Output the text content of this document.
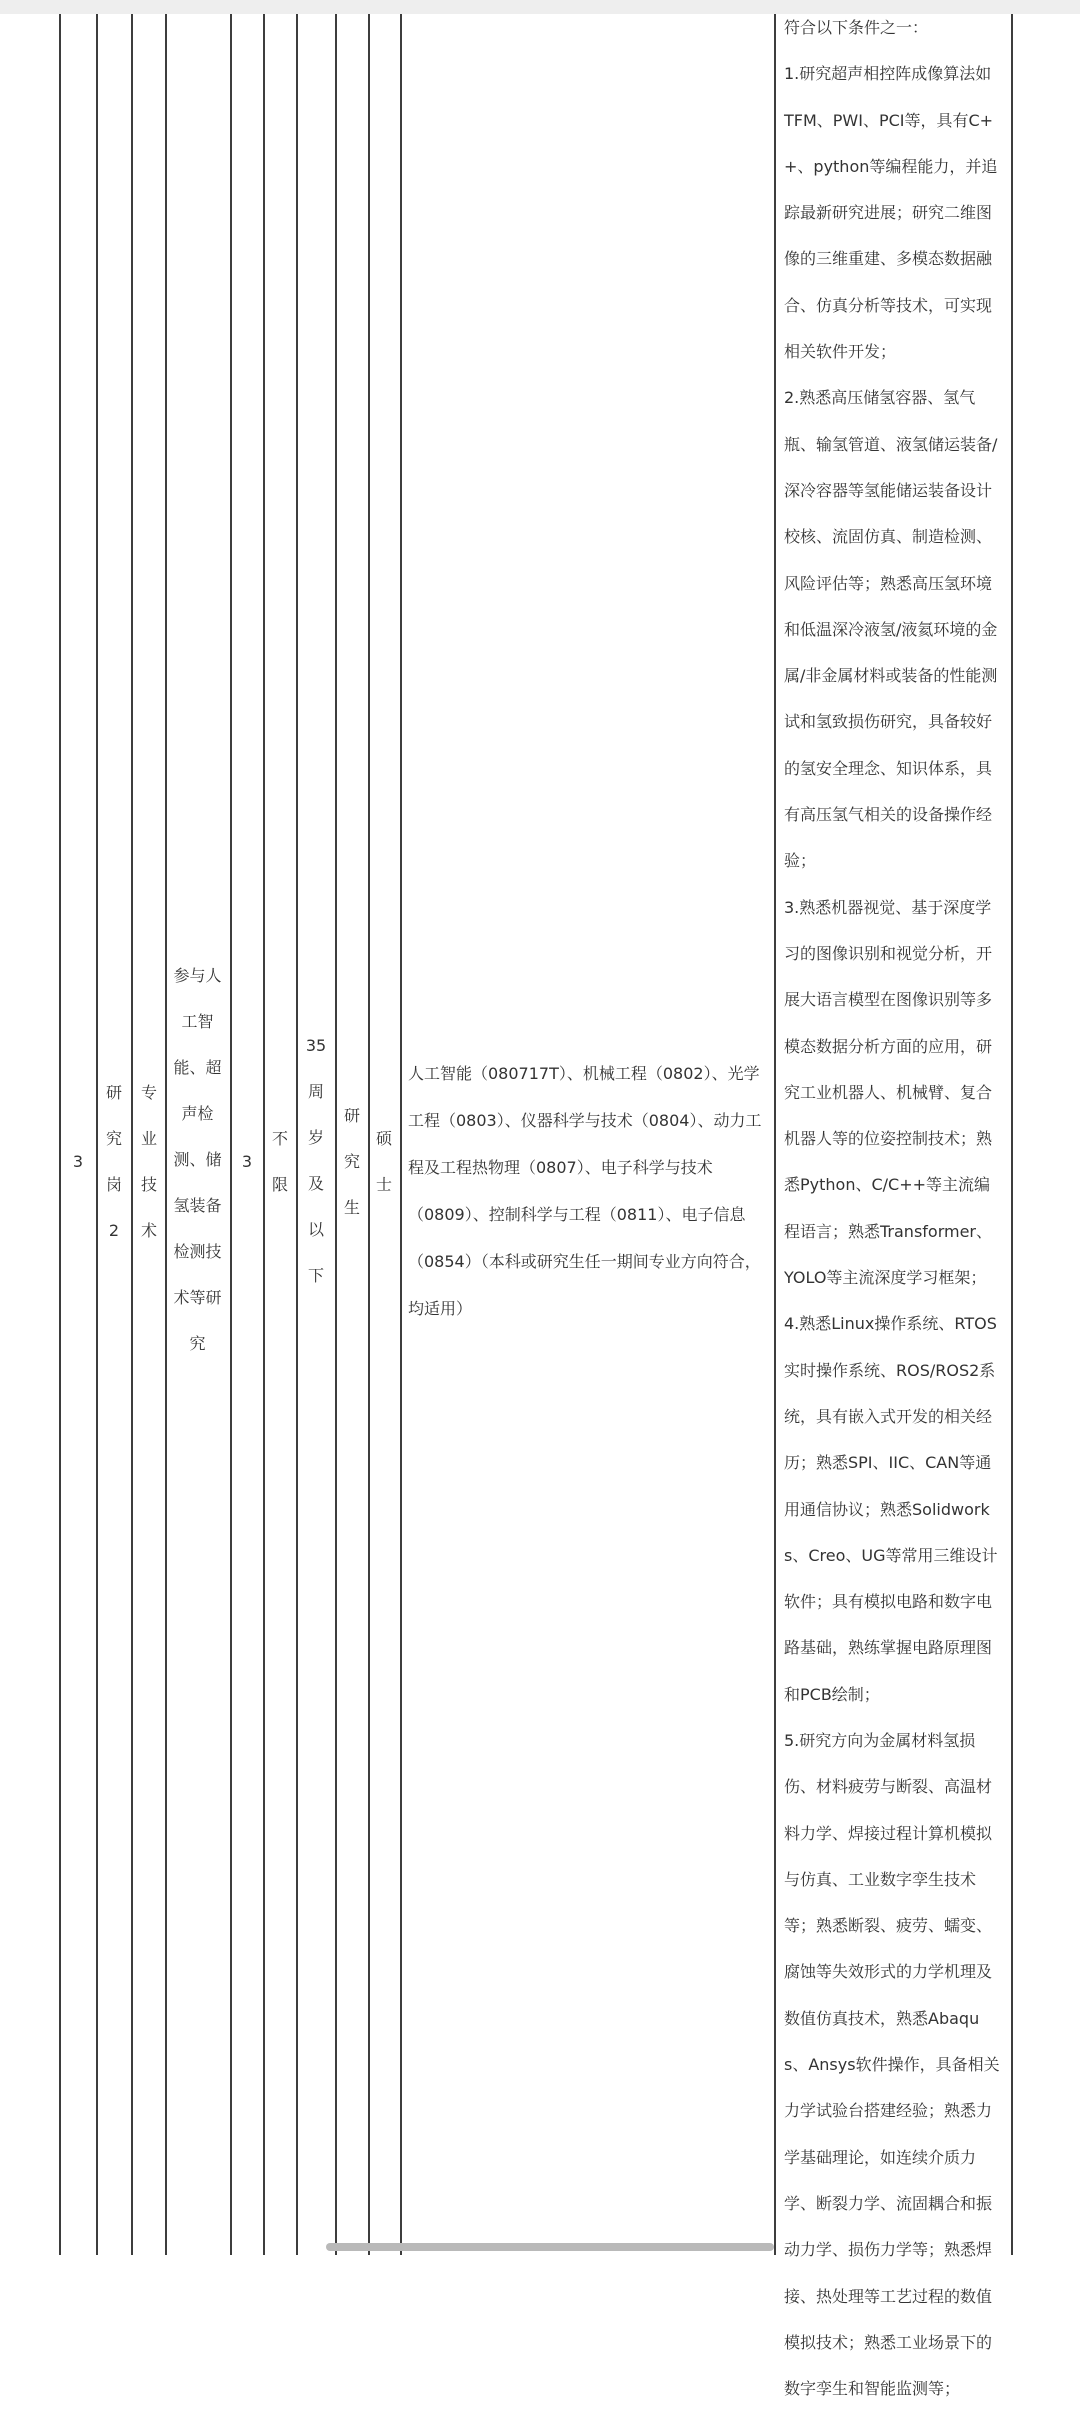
3
研究岗2
专业技术
参与人工智能、超声检测、储氢装备检测技术等研究
3
不限
35周岁及以下
研究生
硕士
人工智能（080717T）、机械工程（0802）、光学工程（0803）、仪器科学与技术（0804）、动力工程及工程热物理（0807）、电子科学与技术（0809）、控制科学与工程（0811）、电子信息（0854）（本科或研究生任一期间专业方向符合，均适用）

符合以下条件之一：

1.研究超声相控阵成像算法如TFM、PWI、PCI等，具有C++、python等编程能力，并追踪最新研究进展；研究二维图像的三维重建、多模态数据融合、仿真分析等技术，可实现相关软件开发；

2.熟悉高压储氢容器、氢气瓶、输氢管道、液氢储运装备/深冷容器等氢能储运装备设计校核、流固仿真、制造检测、风险评估等；熟悉高压氢环境和低温深冷液氢/液氦环境的金属/非金属材料或装备的性能测试和氢致损伤研究，具备较好的氢安全理念、知识体系，具有高压氢气相关的设备操作经验；

3.熟悉机器视觉、基于深度学习的图像识别和视觉分析，开展大语言模型在图像识别等多模态数据分析方面的应用，研究工业机器人、机械臂、复合机器人等的位姿控制技术；熟悉Python、C/C++等主流编程语言；熟悉Transformer、YOLO等主流深度学习框架；

4.熟悉Linux操作系统、RTOS实时操作系统、ROS/ROS2系统，具有嵌入式开发的相关经历；熟悉SPI、IIC、CAN等通用通信协议；熟悉Solidworks、Creo、UG等常用三维设计软件；具有模拟电路和数字电路基础，熟练掌握电路原理图和PCB绘制；

5.研究方向为金属材料氢损伤、材料疲劳与断裂、高温材料力学、焊接过程计算机模拟与仿真、工业数字孪生技术等；熟悉断裂、疲劳、蠕变、腐蚀等失效形式的力学机理及数值仿真技术，熟悉Abaqus、Ansys软件操作，具备相关力学试验台搭建经验；熟悉力学基础理论，如连续介质力学、断裂力学、流固耦合和振动力学、损伤力学等；熟悉焊接、热处理等工艺过程的数值模拟技术；熟悉工业场景下的数字孪生和智能监测等；
